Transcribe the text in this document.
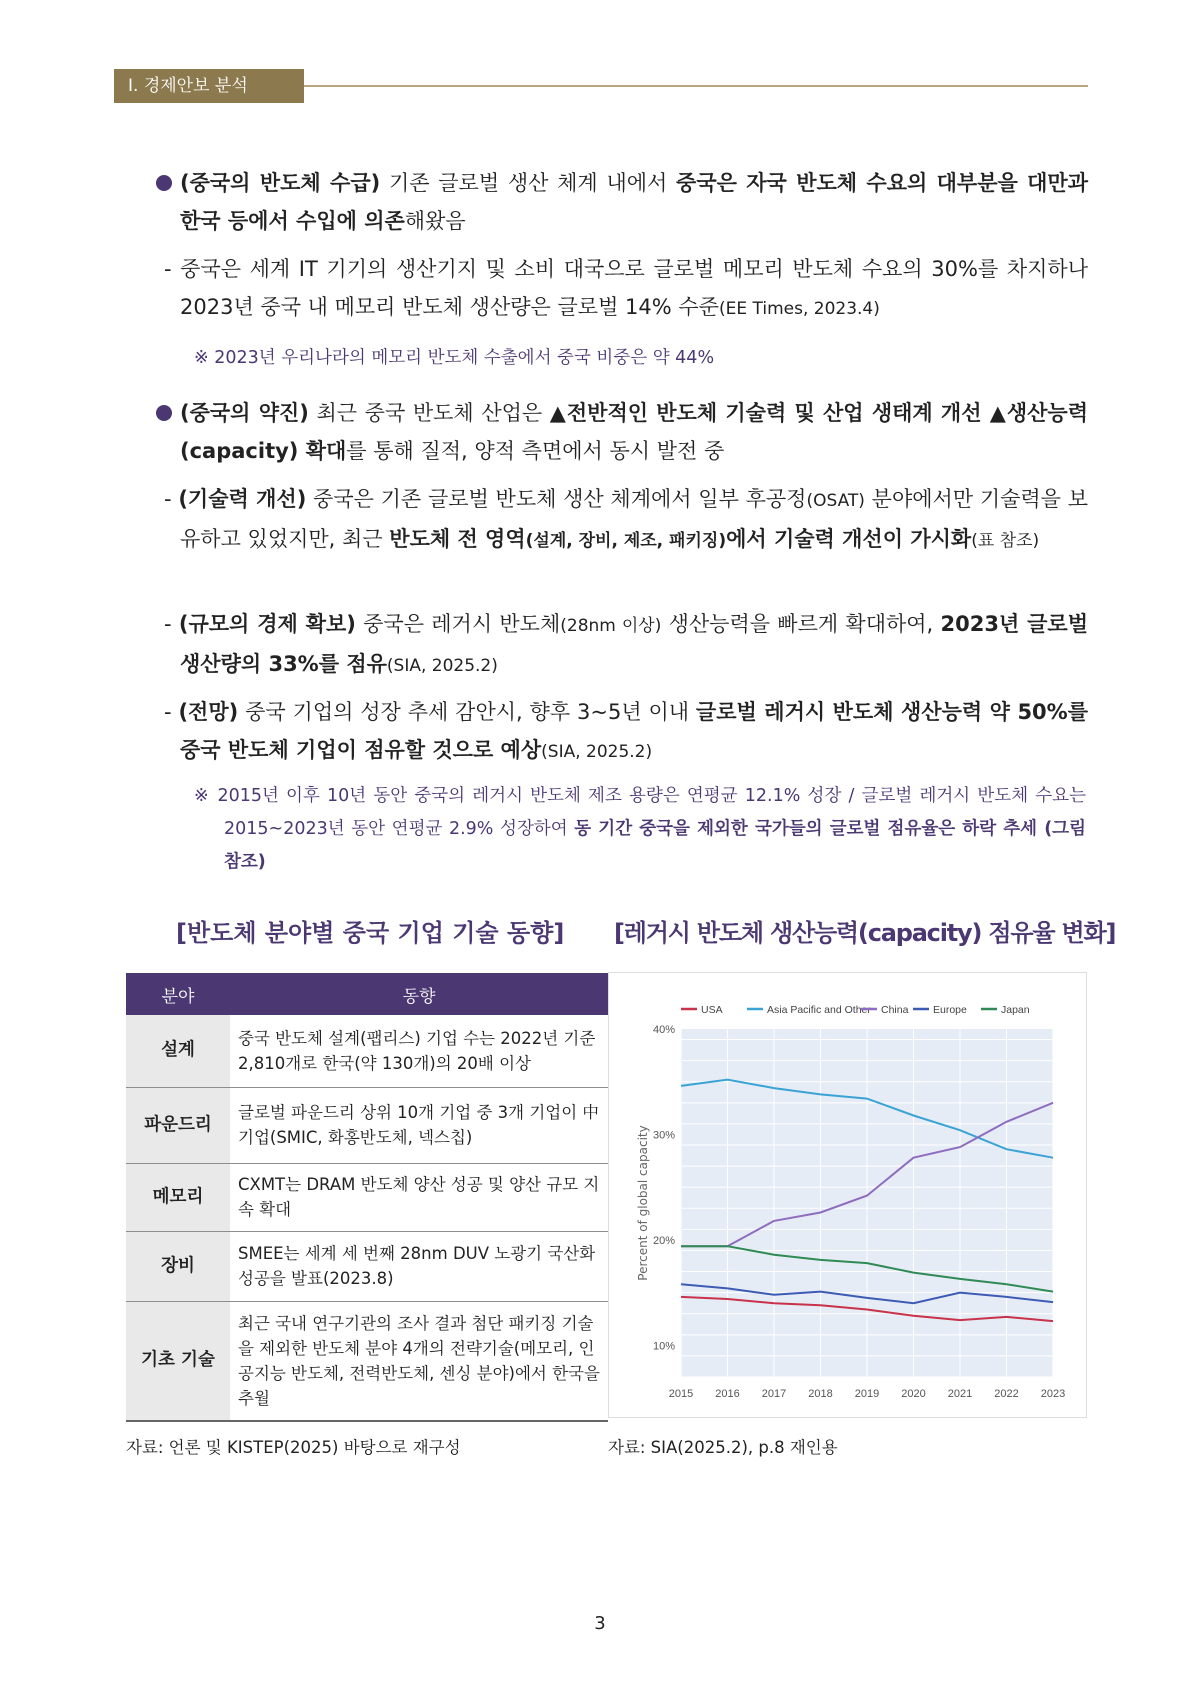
Ⅰ. 경제안보 분석

(중국의 반도체 수급) 기존 글로벌 생산 체계 내에서 중국은 자국 반도체 수요의 대부분을 대만과 한국 등에서 수입에 의존해왔음

- 중국은 세계 IT 기기의 생산기지 및 소비 대국으로 글로벌 메모리 반도체 수요의 30%를 차지하나 2023년 중국 내 메모리 반도체 생산량은 글로벌 14% 수준(EE Times, 2023.4)

※ 2023년 우리나라의 메모리 반도체 수출에서 중국 비중은 약 44%

(중국의 약진) 최근 중국 반도체 산업은 ▲전반적인 반도체 기술력 및 산업 생태계 개선 ▲생산능력(capacity) 확대를 통해 질적, 양적 측면에서 동시 발전 중

- (기술력 개선) 중국은 기존 글로벌 반도체 생산 체계에서 일부 후공정(OSAT) 분야에서만 기술력을 보유하고 있었지만, 최근 반도체 전 영역(설계, 장비, 제조, 패키징)에서 기술력 개선이 가시화(표 참조)

- (규모의 경제 확보) 중국은 레거시 반도체(28nm 이상) 생산능력을 빠르게 확대하여, 2023년 글로벌 생산량의 33%를 점유(SIA, 2025.2)

- (전망) 중국 기업의 성장 추세 감안시, 향후 3~5년 이내 글로벌 레거시 반도체 생산능력 약 50%를 중국 반도체 기업이 점유할 것으로 예상(SIA, 2025.2)

※ 2015년 이후 10년 동안 중국의 레거시 반도체 제조 용량은 연평균 12.1% 성장 / 글로벌 레거시 반도체 수요는 2015~2023년 동안 연평균 2.9% 성장하여 동 기간 중국을 제외한 국가들의 글로벌 점유율은 하락 추세 (그림 참조)

[반도체 분야별 중국 기업 기술 동향] [레거시 반도체 생산능력(capacity) 점유율 변화]
분야	동향
설계	중국 반도체 설계(팹리스) 기업 수는 2022년 기준 2,810개로 한국(약 130개)의 20배 이상
파운드리	글로벌 파운드리 상위 10개 기업 중 3개 기업이 中 기업(SMIC, 화홍반도체, 넥스칩)
메모리	CXMT는 DRAM 반도체 양산 성공 및 양산 규모 지속 확대
장비	SMEE는 세계 세 번째 28nm DUV 노광기 국산화 성공을 발표(2023.8)
기초 기술	최근 국내 연구기관의 조사 결과 첨단 패키징 기술을 제외한 반도체 분야 4개의 전략기술(메모리, 인공지능 반도체, 전력반도체, 센싱 분야)에서 한국을 추월
10%
20%
30%
40%
2015 2016 2017 2018 2019 2020 2021 2022 2023
Percent of global capacity
USA	Asia Pacific and Other China Europe	Japan
자료: 언론 및 KISTEP(2025) 바탕으로 재구성	자료: SIA(2025.2), p.8 재인용
3
